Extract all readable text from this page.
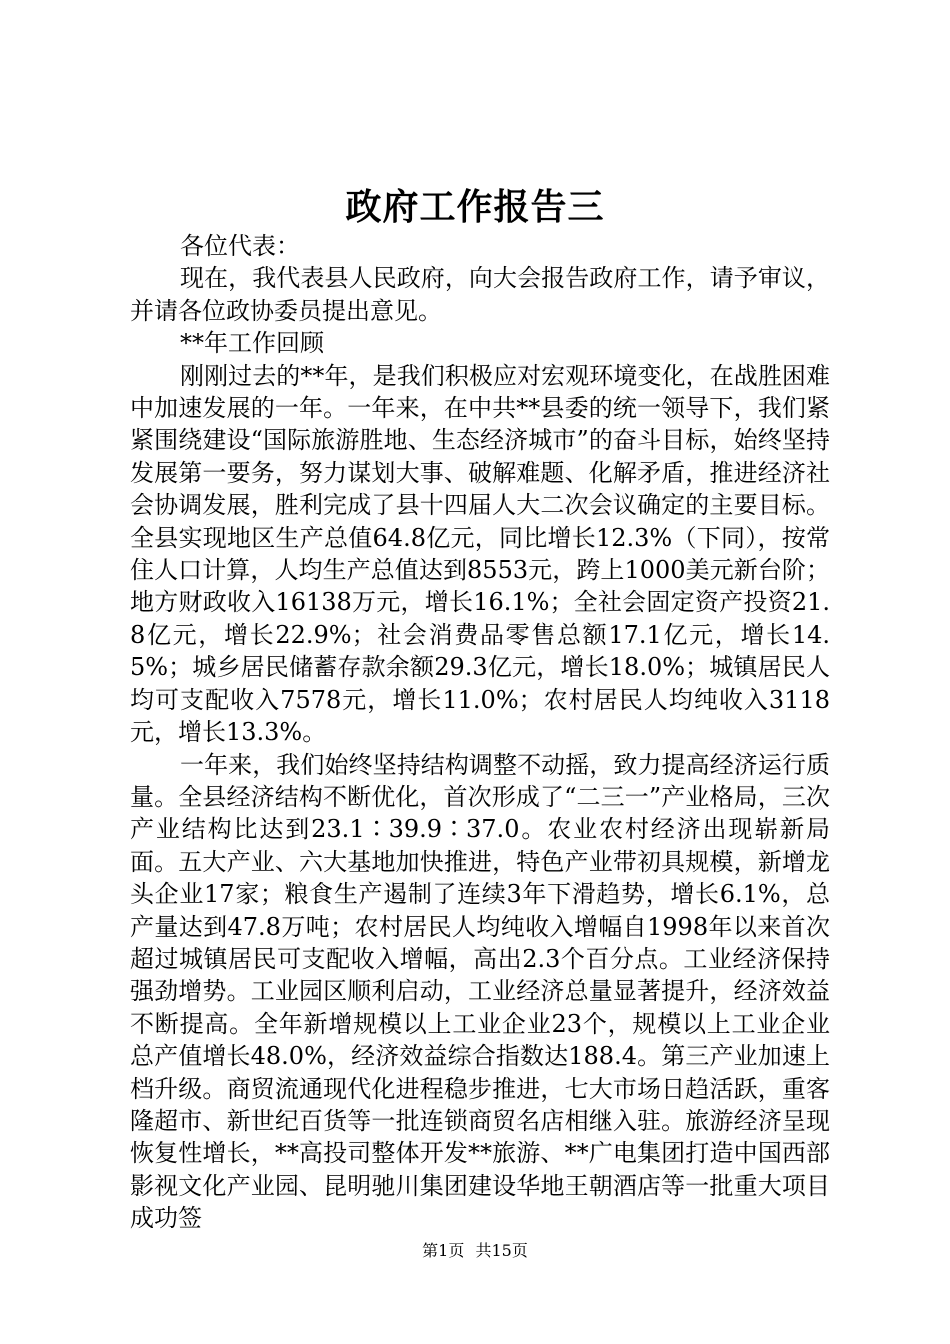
政府工作报告三

各位代表：

现在，我代表县人民政府，向大会报告政府工作，请予审议，并请各位政协委员提出意见。

**年工作回顾

刚刚过去的**年，是我们积极应对宏观环境变化，在战胜困难中加速发展的一年。一年来，在中共**县委的统一领导下，我们紧紧围绕建设“国际旅游胜地、生态经济城市”的奋斗目标，始终坚持发展第一要务，努力谋划大事、破解难题、化解矛盾，推进经济社会协调发展，胜利完成了县十四届人大二次会议确定的主要目标。全县实现地区生产总值64.8亿元，同比增长12.3%（下同），按常住人口计算，人均生产总值达到8553元，跨上1000美元新台阶；地方财政收入16138万元，增长16.1%；全社会固定资产投资21.8亿元，增长22.9%；社会消费品零售总额17.1亿元，增长14.5%；城乡居民储蓄存款余额29.3亿元，增长18.0%；城镇居民人均可支配收入7578元，增长11.0%；农村居民人均纯收入3118元，增长13.3%。

一年来，我们始终坚持结构调整不动摇，致力提高经济运行质量。全县经济结构不断优化，首次形成了“二三一”产业格局，三次产业结构比达到23.1∶39.9∶37.0。农业农村经济出现崭新局面。五大产业、六大基地加快推进，特色产业带初具规模，新增龙头企业17家；粮食生产遏制了连续3年下滑趋势，增长6.1%，总产量达到47.8万吨；农村居民人均纯收入增幅自1998年以来首次超过城镇居民可支配收入增幅，高出2.3个百分点。工业经济保持强劲增势。工业园区顺利启动，工业经济总量显著提升，经济效益不断提高。全年新增规模以上工业企业23个，规模以上工业企业总产值增长48.0%，经济效益综合指数达188.4。第三产业加速上档升级。商贸流通现代化进程稳步推进，七大市场日趋活跃，重客隆超市、新世纪百货等一批连锁商贸名店相继入驻。旅游经济呈现恢复性增长，**高投司整体开发**旅游、**广电集团打造中国西部影视文化产业园、昆明驰川集团建设华地王朝酒店等一批重大项目成功签

第1页 共15页
